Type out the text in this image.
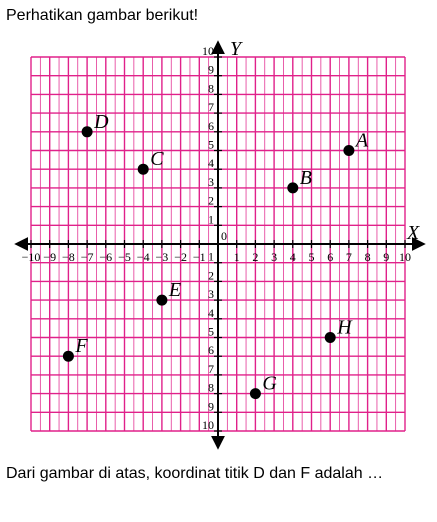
Perhatikan gambar berikut!
X
Y
0
−10 −9 −8 −7 −6 −5 −4 −3 −2 −1 1 2 3 4 5 6 7 8 9 10
10
9
8
7
6
5
4
3
2
1
1
2
3
4
5
6
7
8
9
10
A
B
C
D
E
F
G
H
Dari gambar di atas, koordinat titik D dan F adalah …
